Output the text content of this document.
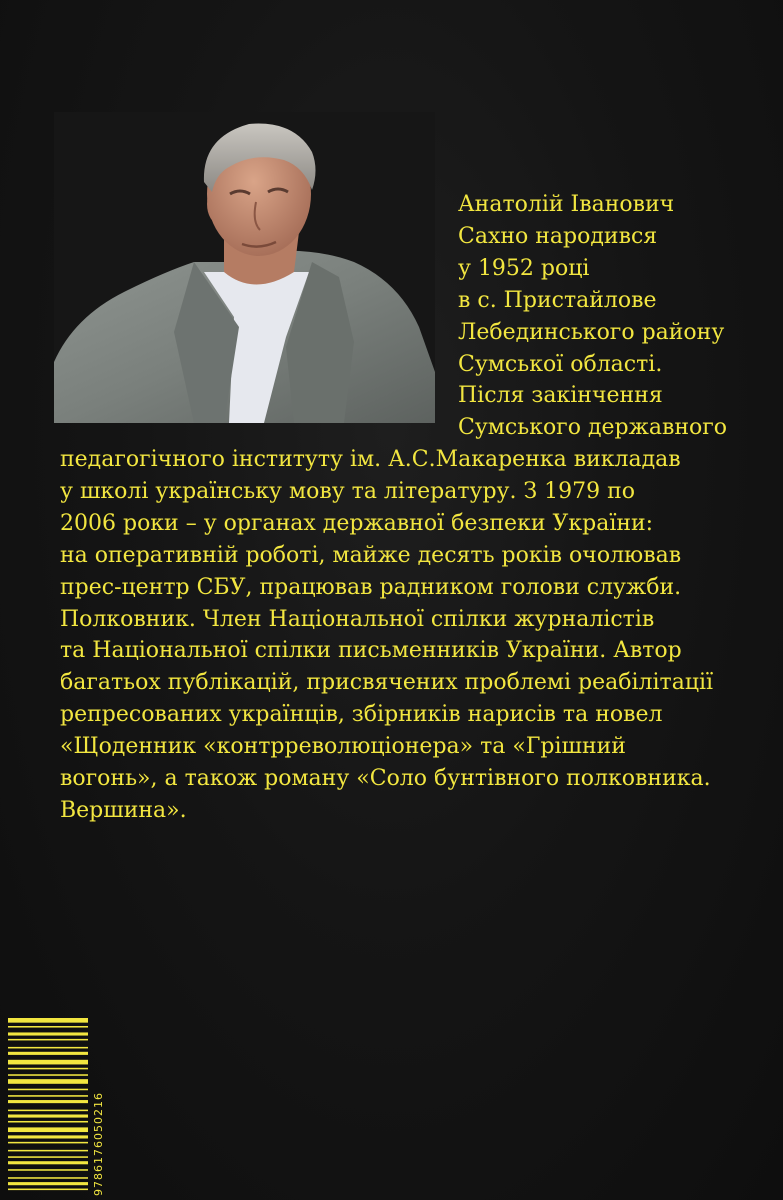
Анатолій Іванович
Сахно народився
у 1952 році
в с. Пристайлове
Лебединського району
Сумської області.
Після закінчення
Сумського державного
педагогічного інституту ім. А.С.Макаренка викладав
у школі українську мову та літературу. З 1979 по
2006 роки – у органах державної безпеки України:
на оперативній роботі, майже десять років очолював
прес-центр СБУ, працював радником голови служби.
Полковник. Член Національної спілки журналістів
та Національної спілки письменників України. Автор
багатьох публікацій, присвячених проблемі реабілітації
репресованих українців, збірників нарисів та новел
«Щоденник «контрреволюціонера» та «Грішний
вогонь», а також роману «Соло бунтівного полковника.
Вершина».
9786176050216
